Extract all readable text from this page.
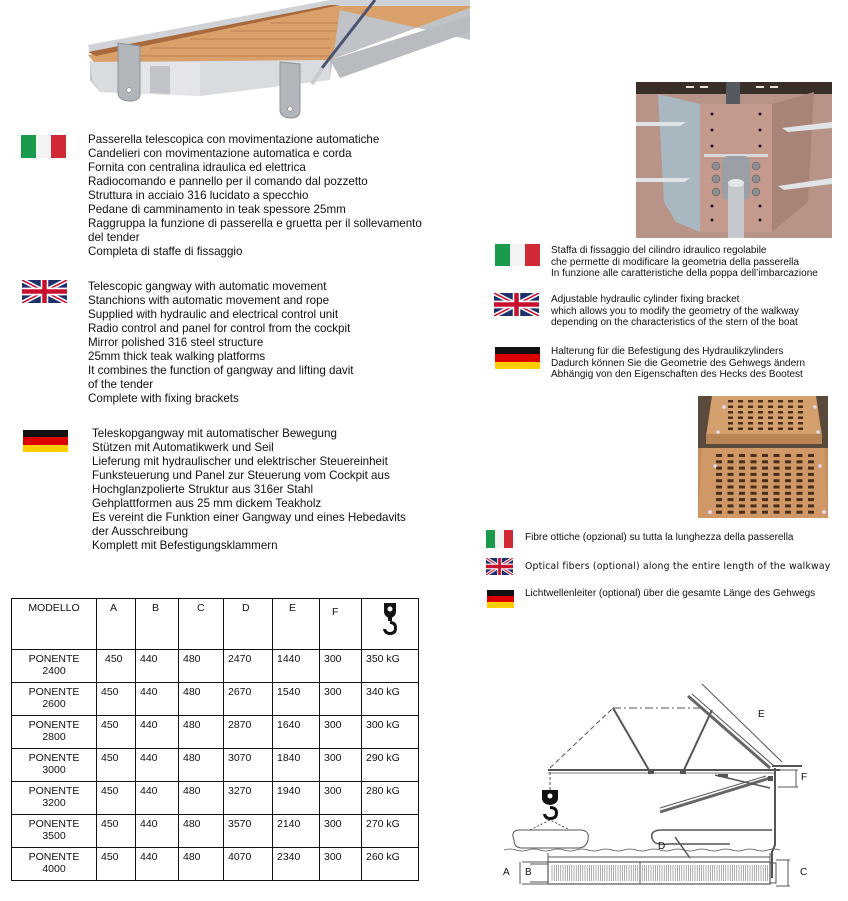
Passerella telescopica con movimentazione automatiche
Candelieri con movimentazione automatica e corda
Fornita con centralina idraulica ed elettrica
Radiocomando e pannello per il comando dal pozzetto
Struttura in acciaio 316 lucidato a specchio
Pedane di camminamento in teak spessore 25mm
Raggruppa la funzione di passerella e gruetta per il sollevamento
del tender
Completa di staffe di fissaggio
Telescopic gangway with automatic movement
Stanchions with automatic movement and rope
Supplied with hydraulic and electrical control unit
Radio control and panel for control from the cockpit
Mirror polished 316 steel structure
25mm thick teak walking platforms
It combines the function of gangway and lifting davit
of the tender
Complete with fixing brackets
Teleskopgangway mit automatischer Bewegung
Stützen mit Automatikwerk und Seil
Lieferung mit hydraulischer und elektrischer Steuereinheit
Funksteuerung und Panel zur Steuerung vom Cockpit aus
Hochglanzpolierte Struktur aus 316er Stahl
Gehplattformen aus 25 mm dickem Teakholz
Es vereint die Funktion einer Gangway und eines Hebedavits
der Ausschreibung
Komplett mit Befestigungsklammern
Staffa di fissaggio del cilindro idraulico regolabile
che permette di modificare la geometria della passerella
In funzione alle caratteristiche della poppa dell’imbarcazione
Adjustable hydraulic cylinder fixing bracket
which allows you to modify the geometry of the walkway
depending on the characteristics of the stern of the boat
Halterung für die Befestigung des Hydraulikzylinders
Dadurch können Sie die Geometrie des Gehwegs ändern
Abhängig von den Eigenschaften des Hecks des Bootest
Fibre ottiche (opzional) su tutta la lunghezza della passerella
Optical fibers (optional) along the entire length of the walkway
Lichtwellenleiter (optional) über die gesamte Länge des Gehwegs
MODELLO	A	B	C	D	E	F	

PONENTE
2400	450	440	480	2470	1440	300	350 kG

PONENTE
2600	450	440	480	2670	1540	300	340 kG

PONENTE
2800	450	440	480	2870	1640	300	300 kG

PONENTE
3000	450	440	480	3070	1840	300	290 kG

PONENTE
3200	450	440	480	3270	1940	300	280 kG

PONENTE
3500	450	440	480	3570	2140	300	270 kG

PONENTE
4000	450	440	480	4070	2340	300	260 kG
E
F
D
A B	C
